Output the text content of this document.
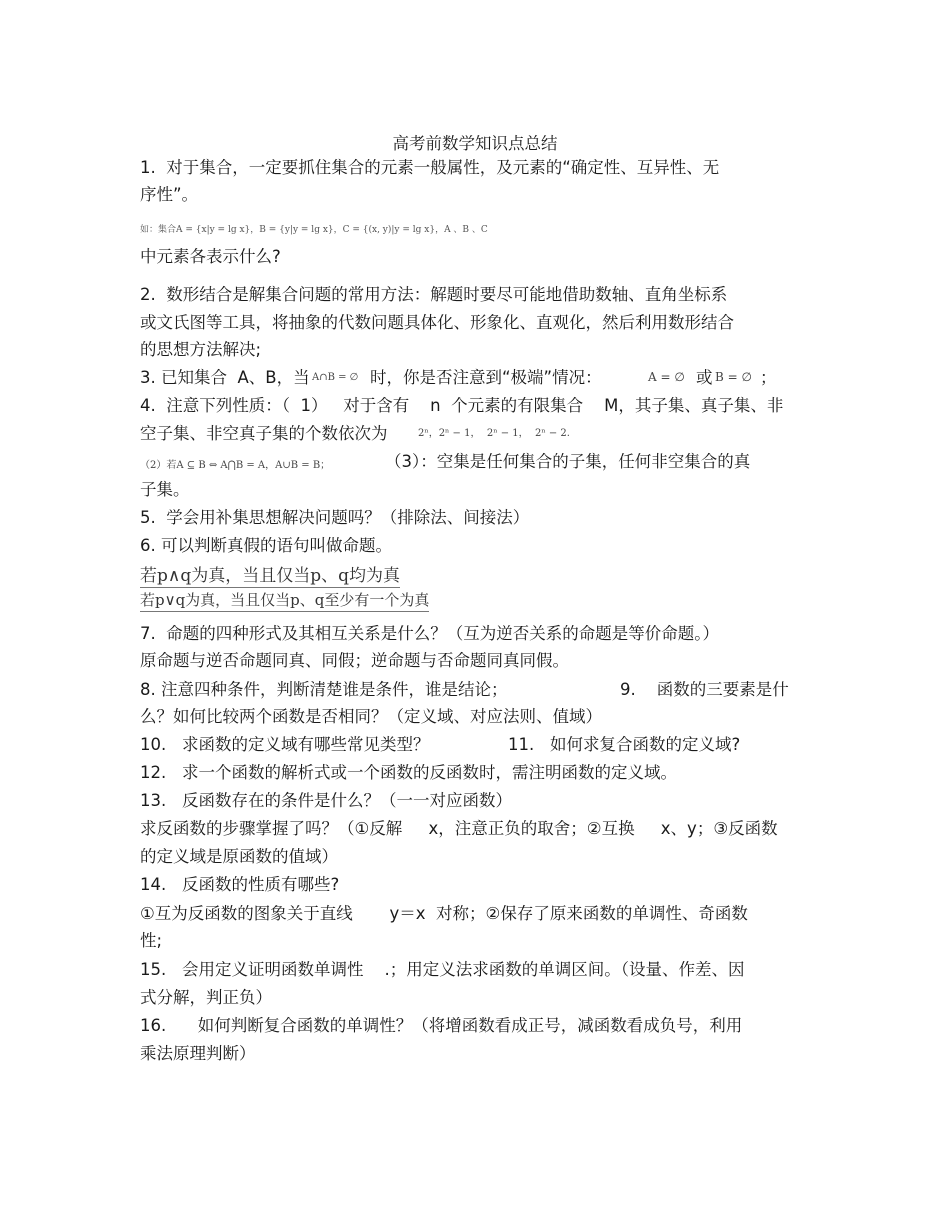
高考前数学知识点总结
1.  对于集合，一定要抓住集合的元素一般属性，及元素的“确定性、互异性、无
序性”。
如：集合A = {x|y = lg x}，B = {y|y = lg x}，C = {(x, y)|y = lg x}，A 、B 、C
中元素各表示什么?
2.  数形结合是解集合问题的常用方法：解题时要尽可能地借助数轴、直角坐标系
或文氏图等工具，将抽象的代数问题具体化、形象化、直观化，然后利用数形结合
的思想方法解决;
3. 已知集合  A、B，当 A∩B = ∅ 时，你是否注意到“极端”情况：	A = ∅ 或 B = ∅ ；
4.  注意下列性质：（  1）   对于含有    n  个元素的有限集合    M，其子集、真子集、非
空子集、非空真子集的个数依次为	2ⁿ，2ⁿ − 1，  2ⁿ − 1，  2ⁿ − 2.
（2）若A ⊆ B ⇔ A⋂B = A，A∪B = B；	（3）：空集是任何集合的子集，任何非空集合的真
子集。
5.  学会用补集思想解决问题吗？（排除法、间接法）
6. 可以判断真假的语句叫做命题。
若p∧q为真，当且仅当p、q均为真
若p∨q为真，当且仅当p、q至少有一个为真
7.  命题的四种形式及其相互关系是什么？（互为逆否关系的命题是等价命题。）
原命题与逆否命题同真、同假；逆命题与否命题同真同假。
8. 注意四种条件，判断清楚谁是条件，谁是结论；	9.    函数的三要素是什
么？如何比较两个函数是否相同？（定义域、对应法则、值域）
10.   求函数的定义域有哪些常见类型？	11.   如何求复合函数的定义域?
12.   求一个函数的解析式或一个函数的反函数时，需注明函数的定义域。
13.   反函数存在的条件是什么？（一一对应函数）
求反函数的步骤掌握了吗？（①反解     x，注意正负的取舍；②互换     x、y；③反函数
的定义域是原函数的值域）
14.   反函数的性质有哪些?
①互为反函数的图象关于直线       y＝x  对称；②保存了原来函数的单调性、奇函数
性;
15.   会用定义证明函数单调性    .；用定义法求函数的单调区间。（设量、作差、因
式分解，判正负）
16.      如何判断复合函数的单调性？（将增函数看成正号，减函数看成负号，利用
乘法原理判断）
